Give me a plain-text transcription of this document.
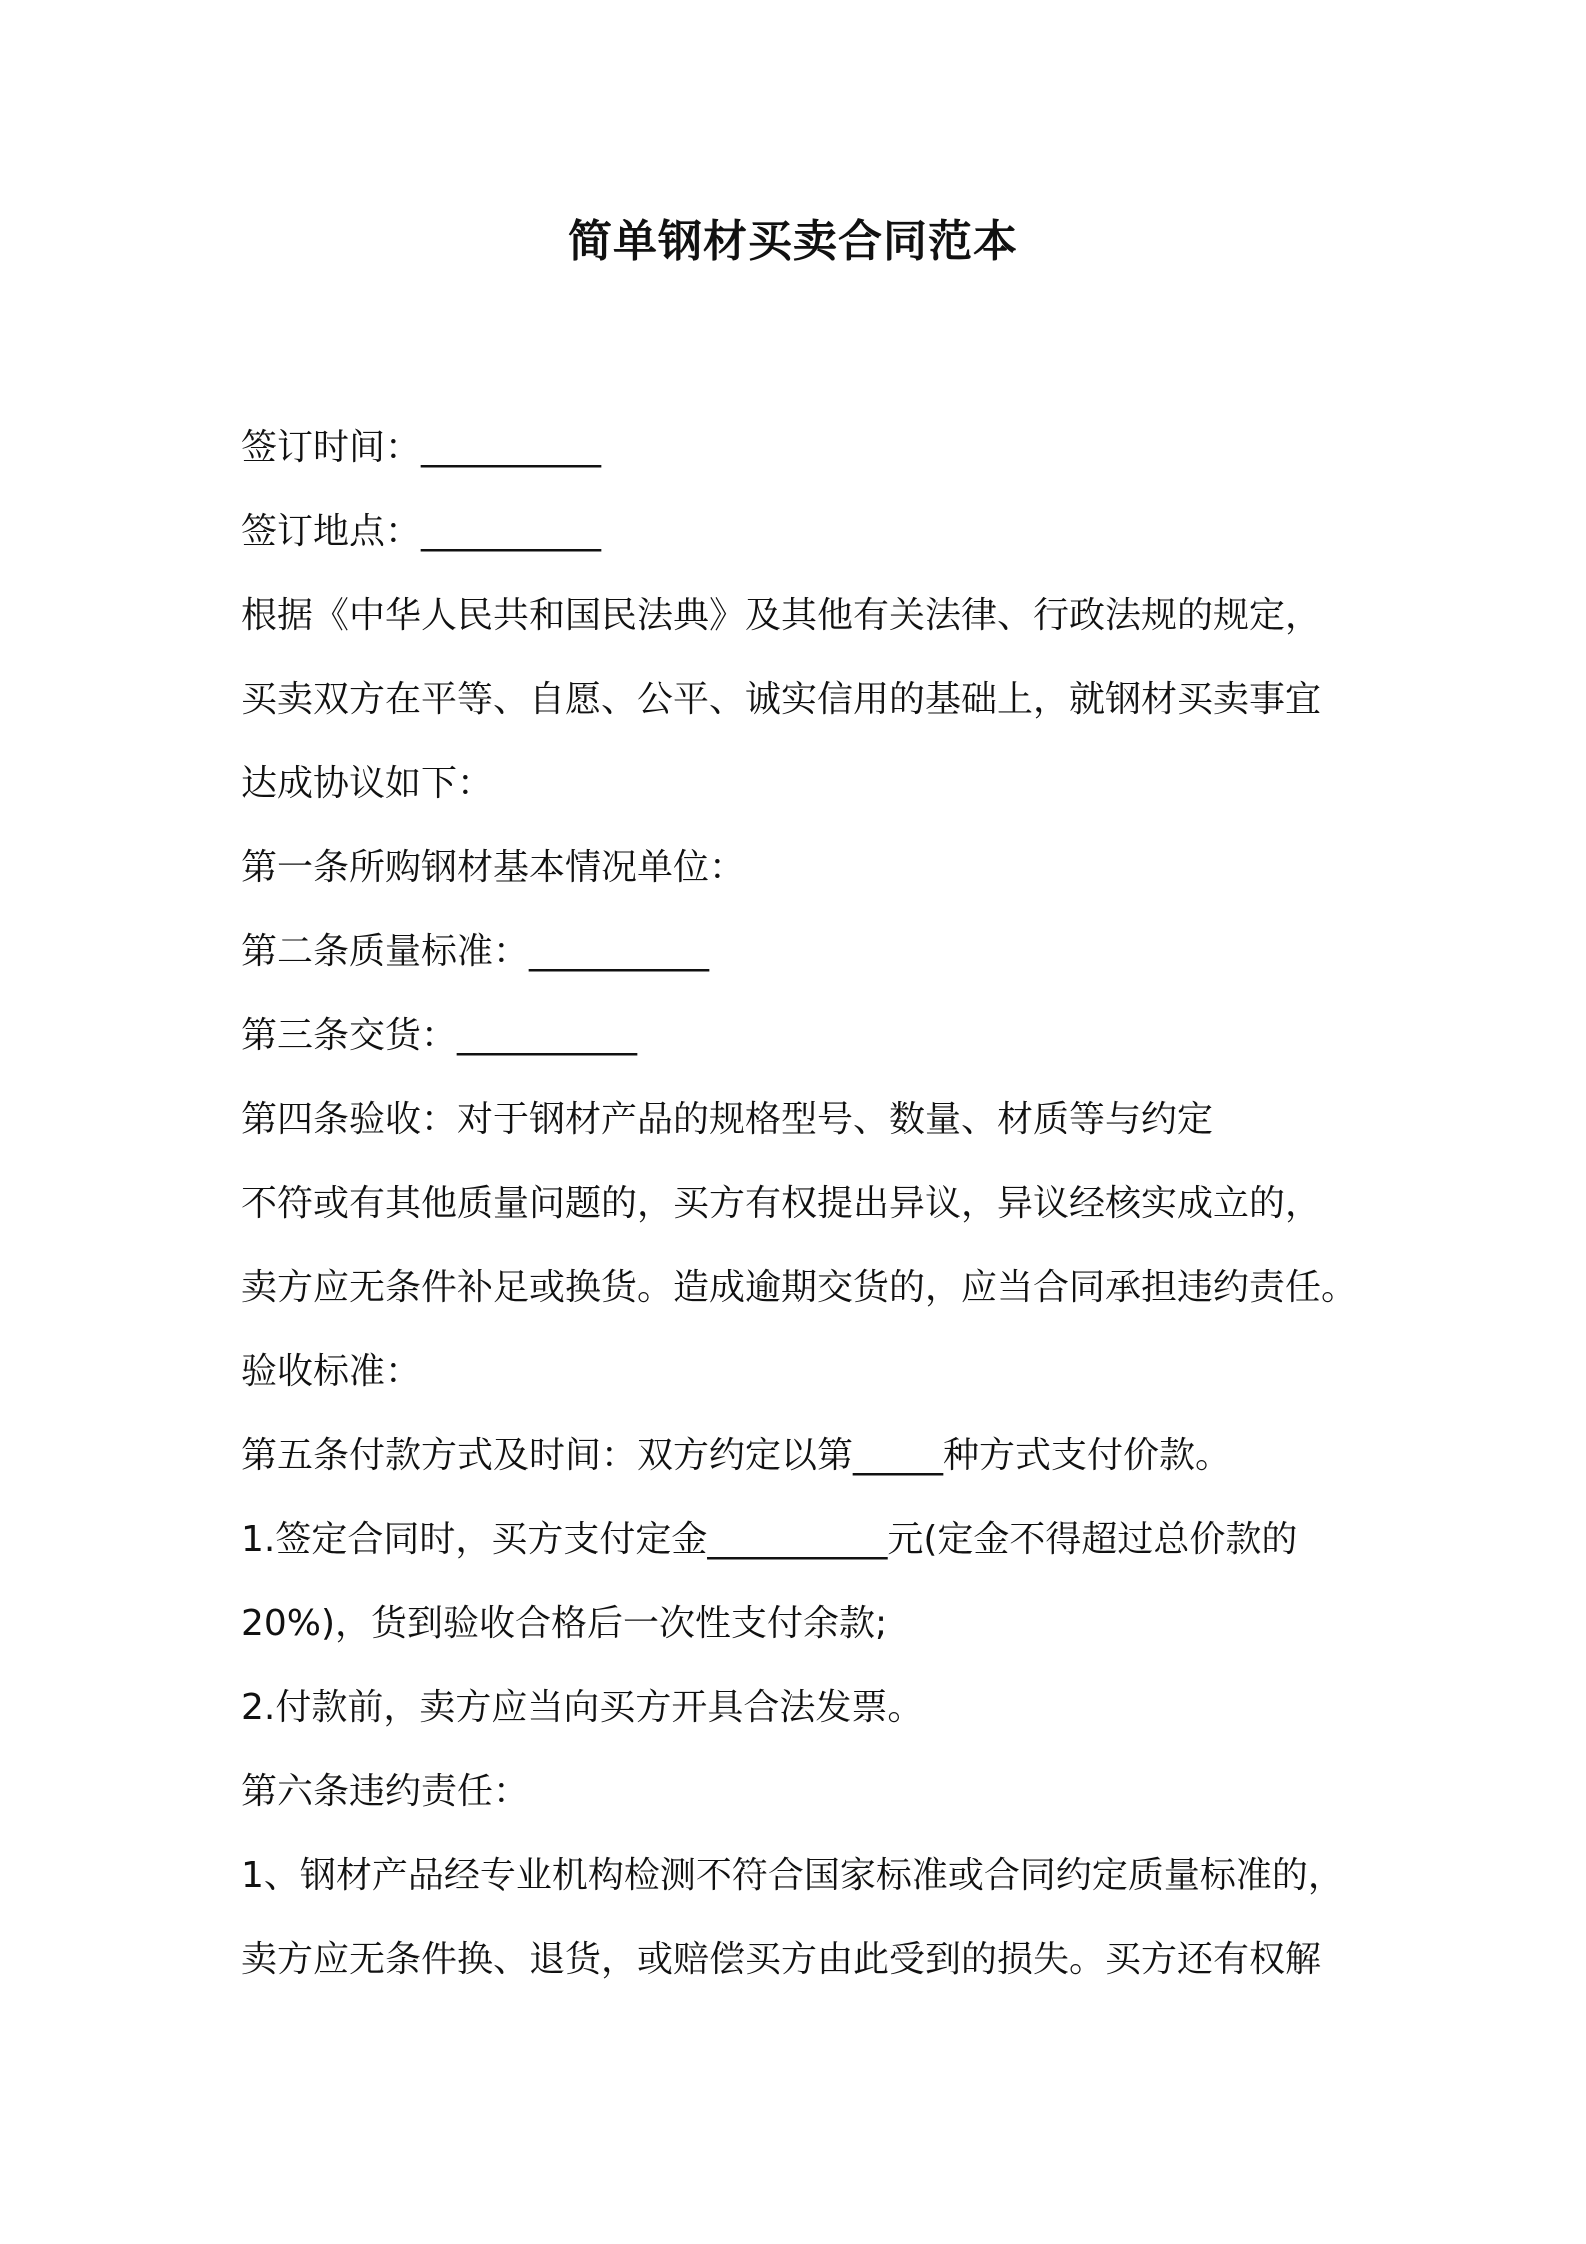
简单钢材买卖合同范本
签订时间：__________
签订地点：__________
根据《中华人民共和国民法典》及其他有关法律、行政法规的规定，
买卖双方在平等、自愿、公平、诚实信用的基础上，就钢材买卖事宜
达成协议如下：
第一条所购钢材基本情况单位：
第二条质量标准：__________
第三条交货：__________
第四条验收：对于钢材产品的规格型号、数量、材质等与约定
不符或有其他质量问题的，买方有权提出异议，异议经核实成立的，
卖方应无条件补足或换货。造成逾期交货的，应当合同承担违约责任。
验收标准：
第五条付款方式及时间：双方约定以第_____种方式支付价款。
1.签定合同时，买方支付定金__________元(定金不得超过总价款的
20%)，货到验收合格后一次性支付余款;
2.付款前，卖方应当向买方开具合法发票。
第六条违约责任：
1、钢材产品经专业机构检测不符合国家标准或合同约定质量标准的，
卖方应无条件换、退货，或赔偿买方由此受到的损失。买方还有权解
